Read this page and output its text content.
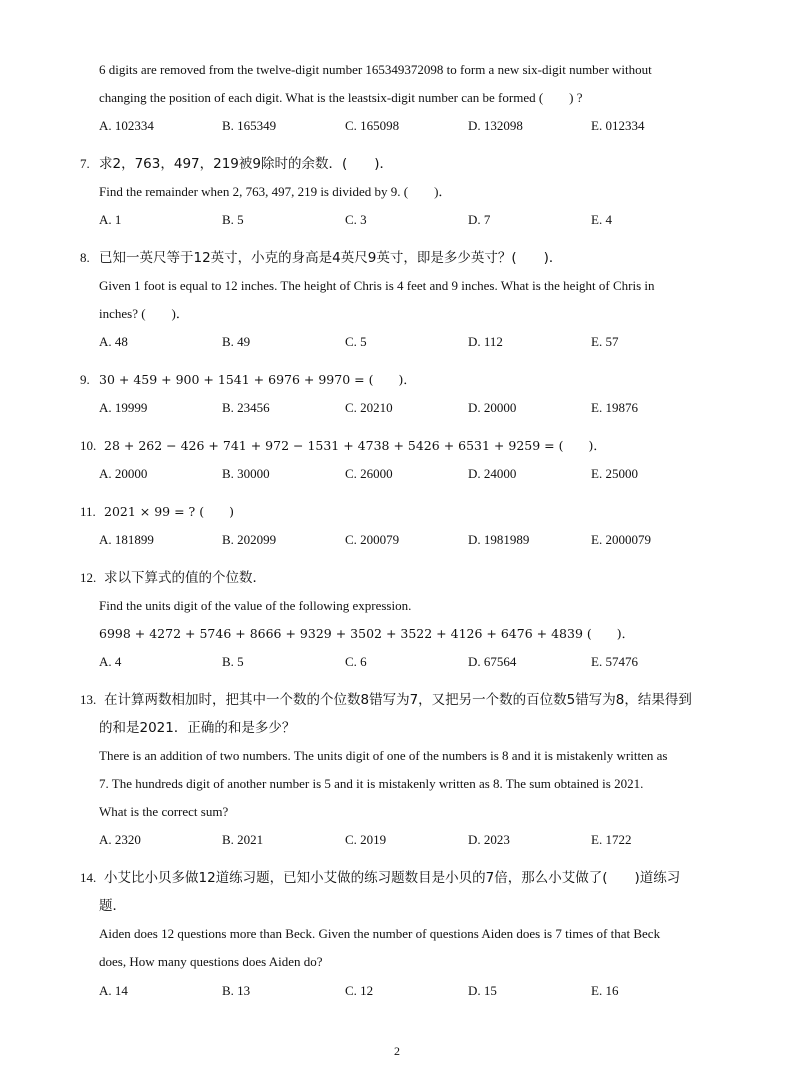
6 digits are removed from the twelve-digit number 165349372098 to form a new six-digit number without
changing the position of each digit. What is the leastsix-digit number can be formed (　　) ?
A. 102334	B. 165349	C. 165098	D. 132098	E. 012334
7. 求2，763，497，219被9除时的余数．(　　)．
Find the remainder when 2, 763, 497, 219 is divided by 9. (　　)．
A. 1	B. 5	C. 3	D. 7	E. 4
8. 已知一英尺等于12英寸，小克的身高是4英尺9英寸，即是多少英寸？(　　)．
Given 1 foot is equal to 12 inches. The height of Chris is 4 feet and 9 inches. What is the height of Chris in
inches? (　　)．
A. 48	B. 49	C. 5	D. 112	E. 57
9. 30 + 459 + 900 + 1541 + 6976 + 9970 = (　　)．
A. 19999	B. 23456	C. 20210	D. 20000	E. 19876
10. 28 + 262 − 426 + 741 + 972 − 1531 + 4738 + 5426 + 6531 + 9259 = (　　)．
A. 20000	B. 30000	C. 26000	D. 24000	E. 25000
11. 2021 × 99 = ? (　　)
A. 181899	B. 202099	C. 200079	D. 1981989	E. 2000079
12. 求以下算式的值的个位数．
Find the units digit of the value of the following expression.
6998 + 4272 + 5746 + 8666 + 9329 + 3502 + 3522 + 4126 + 6476 + 4839 (　　)．
A. 4	B. 5	C. 6	D. 67564	E. 57476
13. 在计算两数相加时，把其中一个数的个位数8错写为7，又把另一个数的百位数5错写为8，结果得到
的和是2021．正确的和是多少？
There is an addition of two numbers. The units digit of one of the numbers is 8 and it is mistakenly written as
7. The hundreds digit of another number is 5 and it is mistakenly written as 8. The sum obtained is 2021.
What is the correct sum?
A. 2320	B. 2021	C. 2019	D. 2023	E. 1722
14. 小艾比小贝多做12道练习题，已知小艾做的练习题数目是小贝的7倍，那么小艾做了(　　)道练习
题．
Aiden does 12 questions more than Beck. Given the number of questions Aiden does is 7 times of that Beck
does, How many questions does Aiden do?
A. 14	B. 13	C. 12	D. 15	E. 16
2
